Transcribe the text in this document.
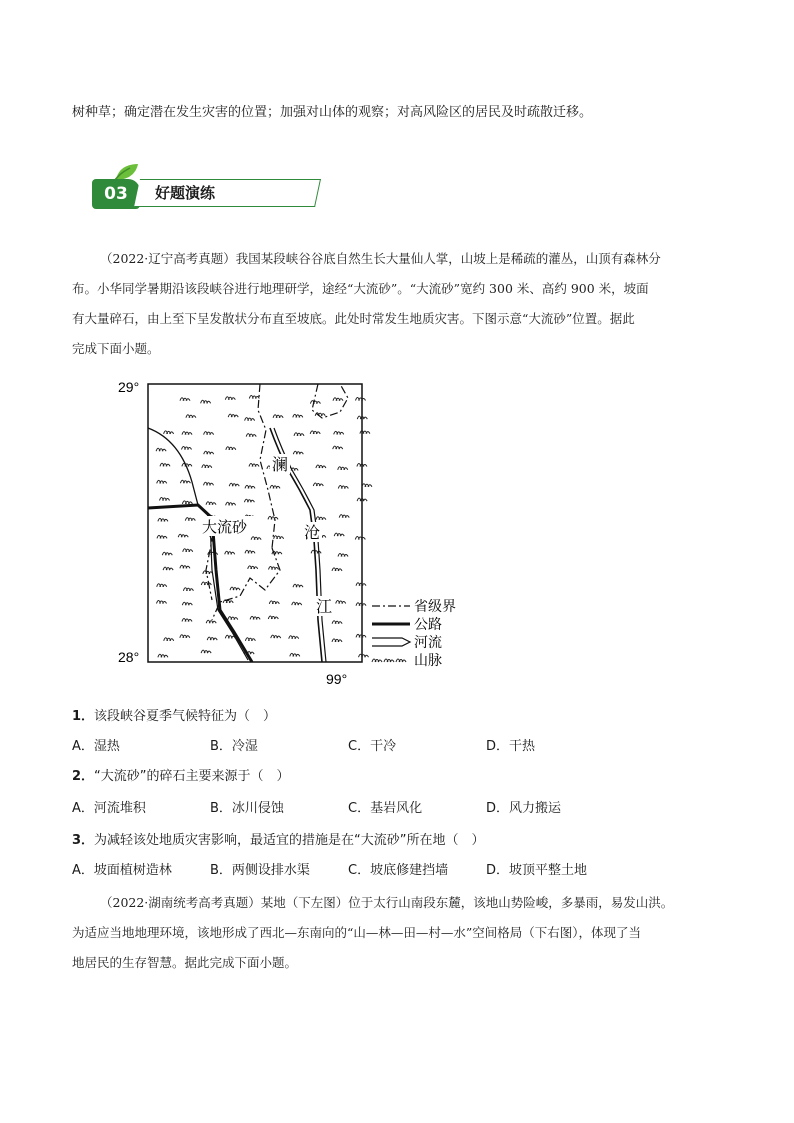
树种草；确定潜在发生灾害的位置；加强对山体的观察；对高风险区的居民及时疏散迁移。
03	好题演练
（2022·辽宁高考真题）我国某段峡谷谷底自然生长大量仙人掌，山坡上是稀疏的灌丛，山顶有森林分
布。小华同学暑期沿该段峡谷进行地理研学，途经“大流砂”。“大流砂”宽约 300 米、高约 900 米，坡面
有大量碎石，由上至下呈发散状分布直至坡底。此处时常发生地质灾害。下图示意“大流砂”位置。据此
完成下面小题。
29°
28°
99°
澜
沧
江
大流砂
省级界
公路
河流
山脉
1．该段峡谷夏季气候特征为（　）
A．湿热	B．冷湿	C．干冷	D．干热
2．“大流砂”的碎石主要来源于（　）
A．河流堆积	B．冰川侵蚀	C．基岩风化	D．风力搬运
3．为减轻该处地质灾害影响，最适宜的措施是在“大流砂”所在地（　）
A．坡面植树造林	B．两侧设排水渠	C．坡底修建挡墙	D．坡顶平整土地
（2022·湖南统考高考真题）某地（下左图）位于太行山南段东麓，该地山势险峻，多暴雨，易发山洪。
为适应当地地理环境，该地形成了西北—东南向的“山—林—田—村—水”空间格局（下右图），体现了当
地居民的生存智慧。据此完成下面小题。
